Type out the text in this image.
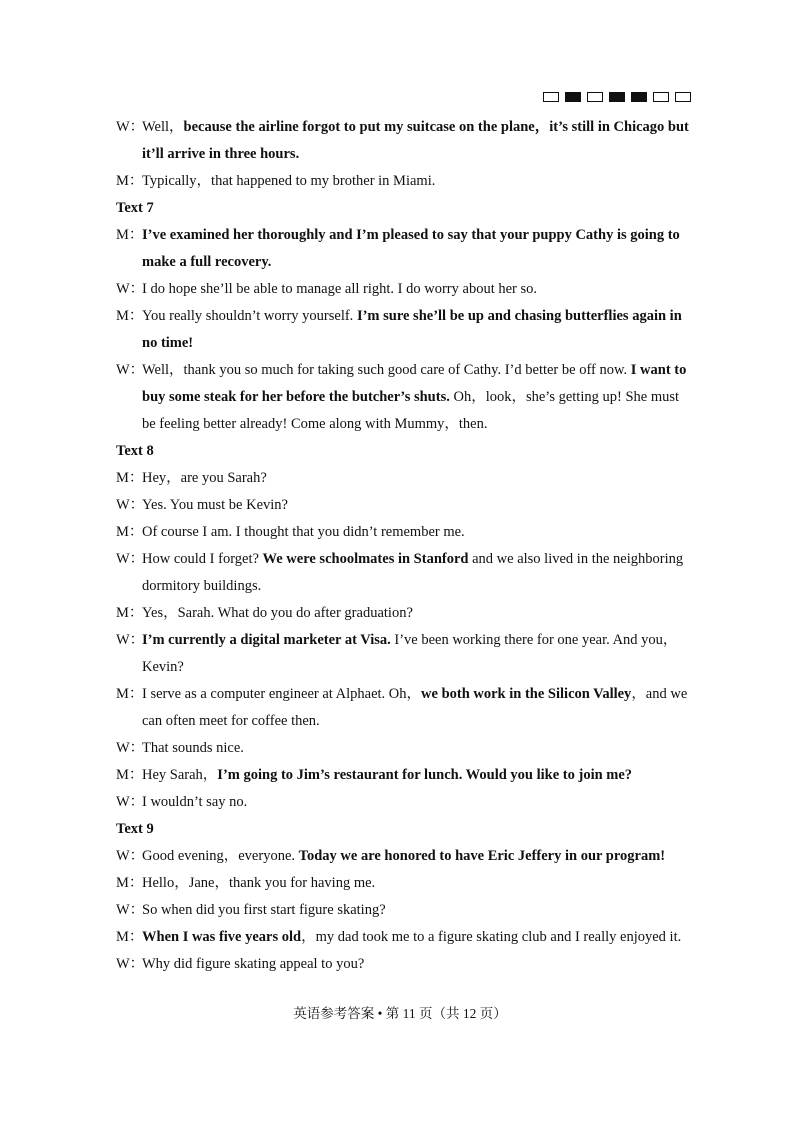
W：
Well，because the airline forgot to put my suitcase on the plane，it’s still in Chicago but it’ll arrive in three hours.
M：
Typically，that happened to my brother in Miami.
Text 7
M：
I’ve examined her thoroughly and I’m pleased to say that your puppy Cathy is going to make a full recovery.
W：
I do hope she’ll be able to manage all right. I do worry about her so.
M：
You really shouldn’t worry yourself. I’m sure she’ll be up and chasing butterflies again in no time!
W：
Well，thank you so much for taking such good care of Cathy. I’d better be off now. I want to buy some steak for her before the butcher’s shuts. Oh，look，she’s getting up! She must be feeling better already! Come along with Mummy，then.
Text 8
M：
Hey，are you Sarah?
W：
Yes. You must be Kevin?
M：
Of course I am. I thought that you didn’t remember me.
W：
How could I forget? We were schoolmates in Stanford and we also lived in the neighboring dormitory buildings.
M：
Yes，Sarah. What do you do after graduation?
W：
I’m currently a digital marketer at Visa. I’ve been working there for one year. And you，Kevin?
M：
I serve as a computer engineer at Alphaet. Oh，we both work in the Silicon Valley，and we can often meet for coffee then.
W：
That sounds nice.
M：
Hey Sarah，I’m going to Jim’s restaurant for lunch. Would you like to join me?
W：
I wouldn’t say no.
Text 9
W：
Good evening，everyone. Today we are honored to have Eric Jeffery in our program!
M：
Hello，Jane，thank you for having me.
W：
So when did you first start figure skating?
M：
When I was five years old，my dad took me to a figure skating club and I really enjoyed it.
W：
Why did figure skating appeal to you?
英语参考答案 • 第 11 页（共 12 页）
